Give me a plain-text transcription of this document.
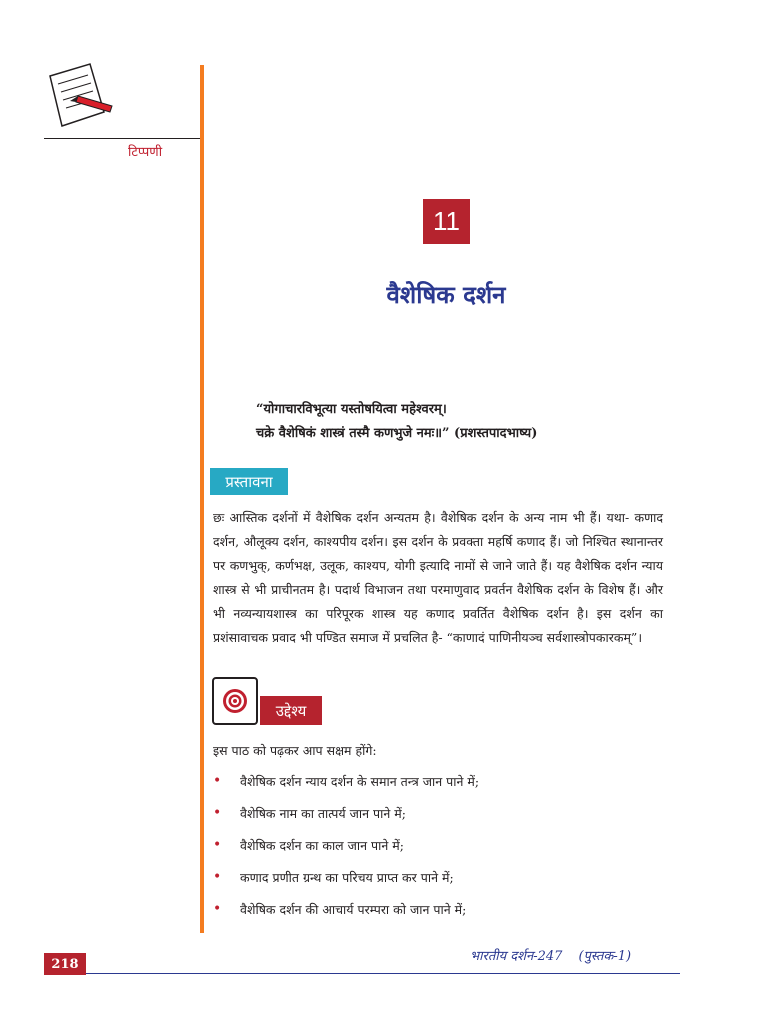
टिप्पणी
11
वैशेषिक दर्शन
“योगाचारविभूत्या यस्तोषयित्वा महेश्वरम्।
चक्रे वैशेषिकं शास्त्रं तस्मै कणभुजे नमः॥” (प्रशस्तपादभाष्य)
प्रस्तावना
छः आस्तिक दर्शनों में वैशेषिक दर्शन अन्यतम है। वैशेषिक दर्शन के अन्य नाम भी हैं। यथा- कणाद दर्शन, औलूक्य दर्शन, काश्यपीय दर्शन। इस दर्शन के प्रवक्ता महर्षि कणाद हैं। जो निश्चित स्थानान्तर पर कणभुक्, कर्णभक्ष, उलूक, काश्यप, योगी इत्यादि नामों से जाने जाते हैं। यह वैशेषिक दर्शन न्याय शास्त्र से भी प्राचीनतम है। पदार्थ विभाजन तथा परमाणुवाद प्रवर्तन वैशेषिक दर्शन के विशेष हैं। और भी नव्यन्यायशास्त्र का परिपूरक शास्त्र यह कणाद प्रवर्तित वैशेषिक दर्शन है। इस दर्शन का प्रशंसावाचक प्रवाद भी पण्डित समाज में प्रचलित है- “काणादं पाणिनीयञ्च सर्वशास्त्रोपकारकम्”।
उद्देश्य
इस पाठ को पढ़कर आप सक्षम होंगे:
•	वैशेषिक दर्शन न्याय दर्शन के समान तन्त्र जान पाने में;
•	वैशेषिक नाम का तात्पर्य जान पाने में;
•	वैशेषिक दर्शन का काल जान पाने में;
•	कणाद प्रणीत ग्रन्थ का परिचय प्राप्त कर पाने में;
•	वैशेषिक दर्शन की आचार्य परम्परा को जान पाने में;
218	भारतीय दर्शन-247 (पुस्तक-1)
